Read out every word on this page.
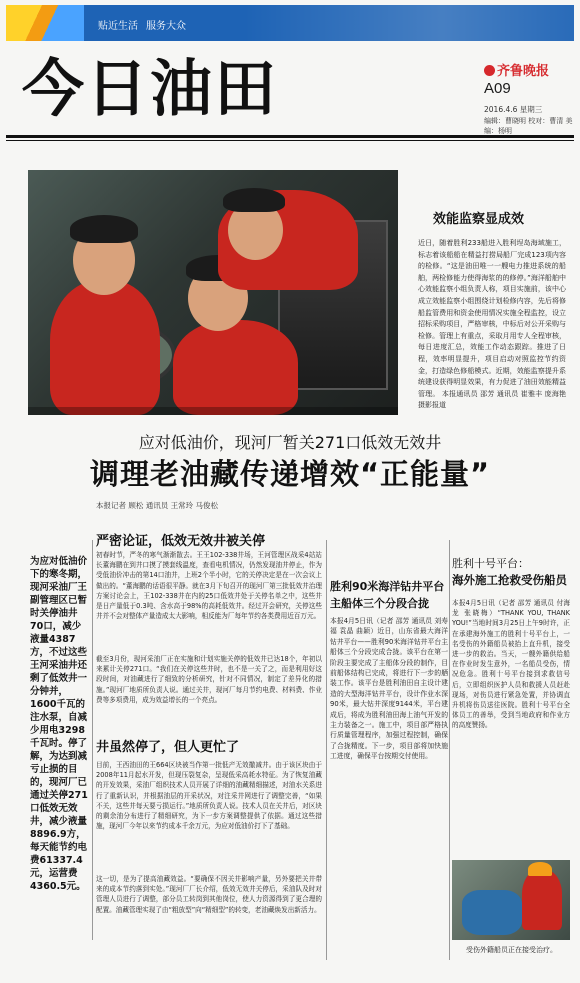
贴近生活 服务大众
今日油田	齐鲁晚报
A09
2016.4.6 星期三
编辑：曹晓明 校对：曹清 美编：杨明
效能监察显成效
近日，随着胜利233船进入胜利埕岛海域施工，标志着该船船在精益打捞局船厂完成123项内容的检修。“这是油田唯一一艘电力推进系统的船舶，两检修能力使得海浆的的修停。”海洋船舶中心效能监察小组负责人称，项目实施前，该中心成立效能监察小组围绕计划检修内容，先后将修船监管费用和资金使用情况实施全程监控，设立招标采购项目，严格审核，中标后对公开采购与检修。管理上有重点，采取月用专人全程审核，每日进度汇总，效能工作动态跟踪。推进了日程，效率明显提升，项目启动对照监控节约资金，打造绿色修船模式。近期，效能监察提升系统建设获得明显效果，有力促进了油田效能精益管理。 本报通讯员 邵芳 通讯员 崔雅丰 庞海艳 摄影报道
应对低油价，现河厂暂关271口低效无效井
调理老油藏传递增效“正能量”
本报记者 顾松 通讯员 王常玲 马俊松
为应对低油价下的寒冬期，现河采油厂王副管理区已暂时关停油井70口，减少液量4387方，不过这些王河采油井还剩了低效井一分钟并，1600千瓦的注水泵，自减少用电3298千瓦时。停了解，为达到减亏止损的目的，现河厂已通过关停271口低效无效井，减少液量8896.9方，每天能节约电费61337.4元，运营费4360.5元。
严密论证，低效无效井被关停
初春时节，严冬的寒气渐渐散去。王王102-338井场，王河管理区战采4站站长董海鹏在到井口摸了摸套线温度，查看电机情况，仍然发现油井停止，作为受低油价冲击的第14口油井，上班2个半小时，它的关停决定是在一次会议上做出的。“董海鹏的话语很平静。就在3月下旬召开的现河厂第三批低效井治理方案讨论会上，王102-338井在内的25口低效井处于关停名单之中，这些井是日产量低于0.3吨、含水高于98%的高耗低效井。经过开会研究，关停这些井并不会对整体产量造成太大影响，相反能为厂每年节约各类费用近百万元。
截至3月份，现河采油厂正在实施和计划实施关停的低效井已达18个，年初以来累计关停271口。“我们在关停这些井时，也不是一关了之，而是利用好这段时间，对油藏进行了细致的分析研究，针对不同情况，制定了差异化的措施。”现河厂地质所负责人说。通过关井，现河厂每月节约电费、材料费、作业费等多项费用，成为效益增长的一个亮点。
井虽然停了，但人更忙了
目前，王西油田的王664区块被当作第一批低产无效撤减井。由于该区块由于2008年11月起水开发，但现压裂复杂，呈现低采高耗水特征。为了恢复油藏的开发效果，采油厂组织技术人员开展了详细的油藏精细描述，对油水关系进行了重新认识，并根据油层的开采状况，对注采井网进行了调整完善，“如果不关，这些井每天要亏损运行。”地质所负责人说。技术人员在关井后，对区块的剩余油分布进行了精细研究，为下一步方案调整提供了依据。通过这些措施，现河厂今年以来节约成本千余万元，为应对低油价打下了基础。
这一切，是为了提高油藏效益。“要确保不因关井影响产量，另外要把关井带来的成本节约落到实处。”现河厂厂长介绍，低效无效井关停后，采油队及时对管理人员进行了调整，部分员工转岗到其他岗位，使人力资源得到了更合理的配置。油藏管理实现了由“粗放型”向“精细型”的转变，老油藏焕发出新活力。
胜利90米海洋钻井平台主船体三个分段合拢
本报4月5日讯（记者 邵芳 通讯员 刘寿福 袁晶 曲颖）近日，山东省最大海洋钻井平台——胜利90米海洋钻井平台主船体三个分段完成合拢。该平台在第一阶段主要完成了主船体分段的制作，目前船体结构已完成，将进行下一步的舾装工作。该平台是胜利油田自主设计建造的大型海洋钻井平台，设计作业水深90米，最大钻井深度9144米，平台建成后，将成为胜利油田海上油气开发的主力装备之一。施工中，项目部严格执行质量管理程序，加强过程控制，确保了合拢精度。下一步，项目部将加快施工进度，确保平台按期交付使用。
胜利十号平台：
海外施工抢救受伤船员
本报4月5日讯（记者 邵芳 通讯员 付海龙 张晓梅）“THANK YOU, THANK YOU!”当地时间3月25日上午9时许，正在承建海外施工的胜利十号平台上，一名受伤的外籍船员被抬上直升机，接受进一步的救治。当天，一艘外籍供给船在作业时发生意外，一名船员受伤，情况危急。胜利十号平台接到求救信号后，立即组织医护人员和救援人员赶赴现场，对伤员进行紧急处置，并协调直升机将伤员送往医院。胜利十号平台全体员工的善举，受到当地政府和作业方的高度赞扬。
受伤外籍船员正在接受治疗。
